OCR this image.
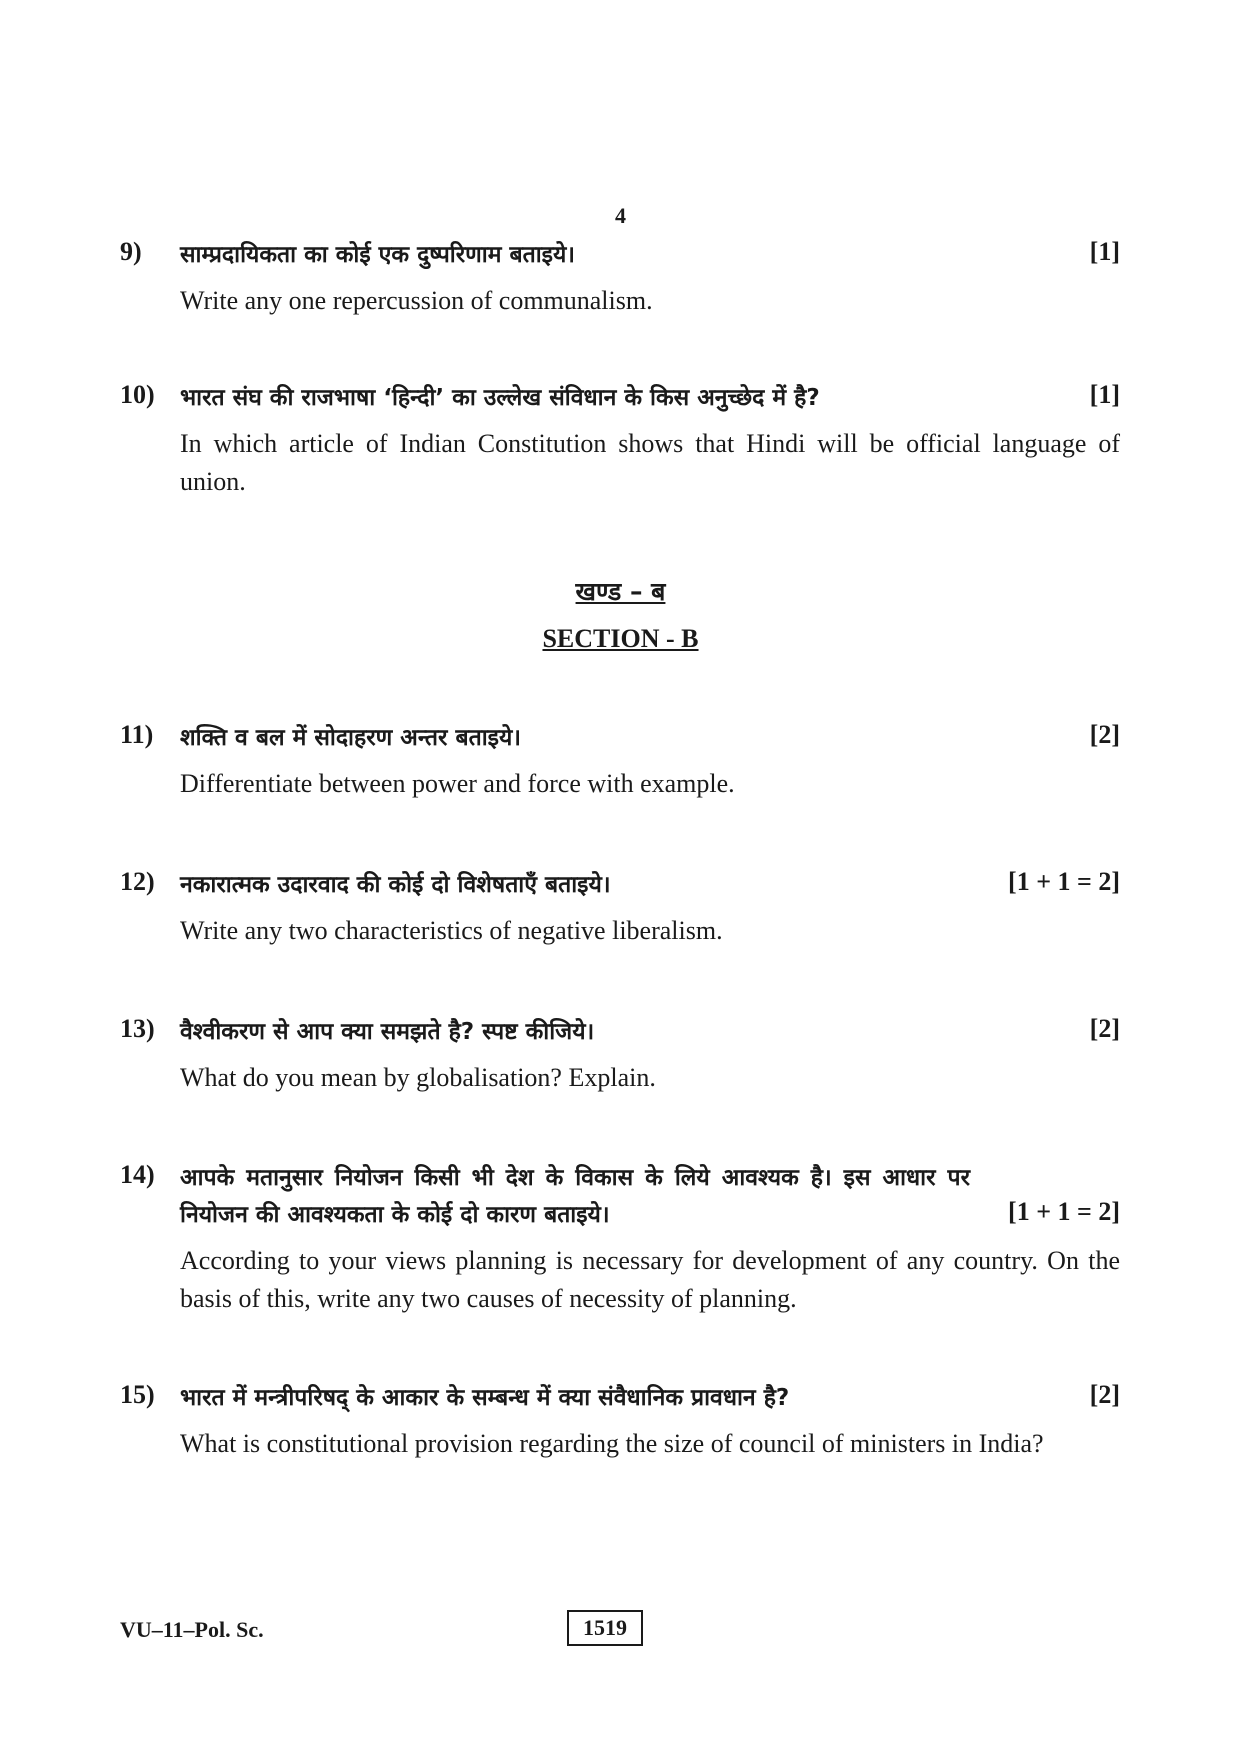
4
9) साम्प्रदायिकता का कोई एक दुष्परिणाम बताइये।	[1]
Write any one repercussion of communalism.
10) भारत संघ की राजभाषा ‘हिन्दी’ का उल्लेख संविधान के किस अनुच्छेद में है?	[1]
In which article of Indian Constitution shows that Hindi will be official language of union.
खण्ड – ब
SECTION - B
11) शक्ति व बल में सोदाहरण अन्तर बताइये।	[2]
Differentiate between power and force with example.
12) नकारात्मक उदारवाद की कोई दो विशेषताएँ बताइये।	[1 + 1 = 2]
Write any two characteristics of negative liberalism.
13) वैश्वीकरण से आप क्या समझते है? स्पष्ट कीजिये।	[2]
What do you mean by globalisation? Explain.
14) आपके मतानुसार नियोजन किसी भी देश के विकास के लिये आवश्यक है। इस आधार पर नियोजन की आवश्यकता के कोई दो कारण बताइये।	[1 + 1 = 2]
According to your views planning is necessary for development of any country. On the basis of this, write any two causes of necessity of planning.
15) भारत में मन्त्रीपरिषद् के आकार के सम्बन्ध में क्या संवैधानिक प्रावधान है?	[2]
What is constitutional provision regarding the size of council of ministers in India?
VU–11–Pol. Sc.	1519
